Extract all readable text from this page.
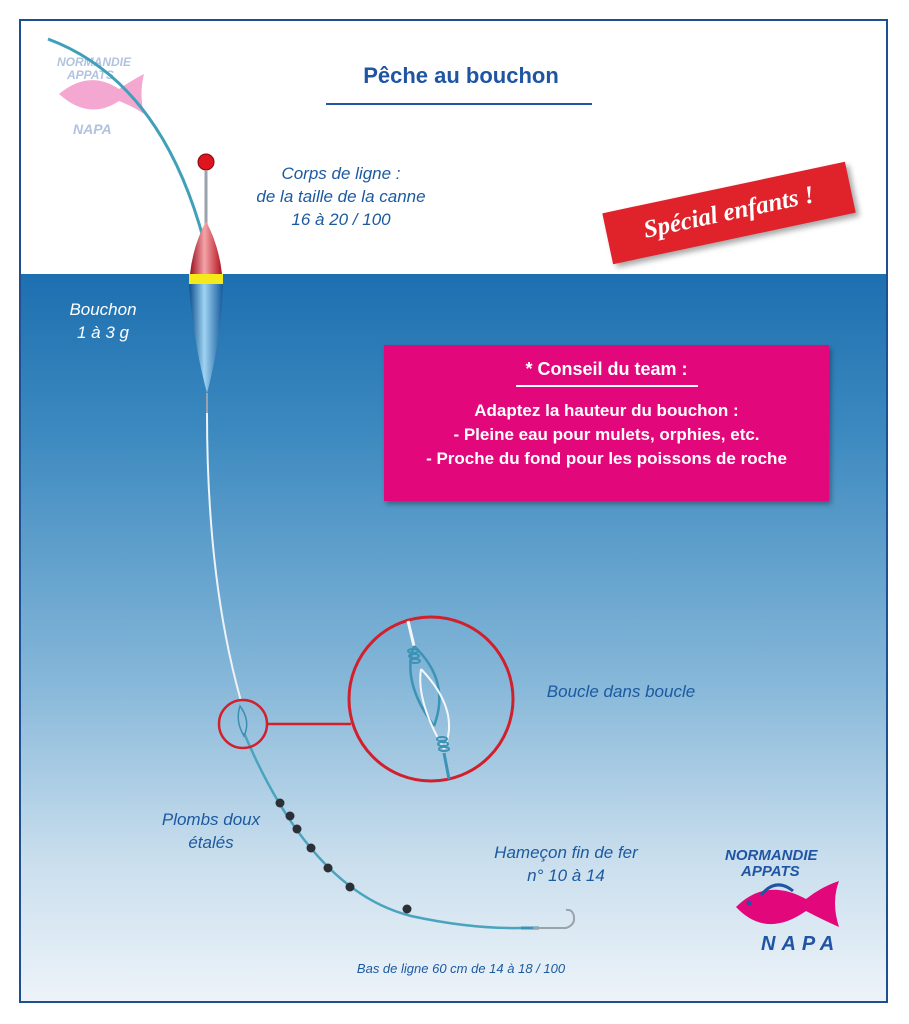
NORMANDIE
APPATS
NAPA
Pêche au bouchon
Corps de ligne :
de la taille de la canne
16 à 20 / 100	Spécial enfants !
Bouchon
1 à 3 g
* Conseil du team :
Adaptez la hauteur du bouchon :
- Pleine eau pour mulets, orphies, etc.
- Proche du fond pour les poissons de roche
Boucle dans boucle
Plombs doux
étalés
Hameçon fin de fer
n° 10 à 14
Bas de ligne 60 cm de 14 à 18 / 100
NORMANDIE
APPATS
NAPA
